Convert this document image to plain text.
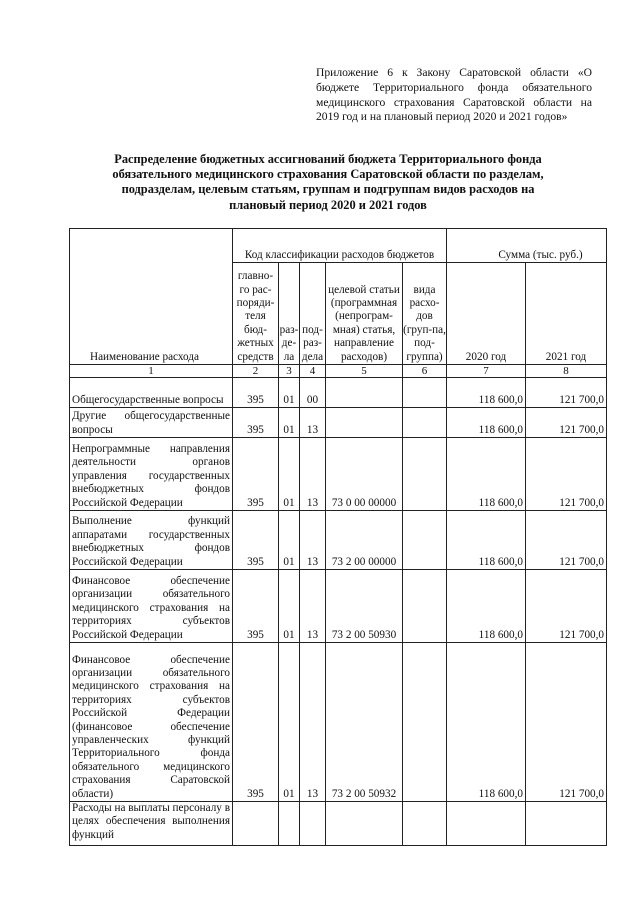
Приложение 6 к Закону Саратовской области «О бюджете Территориального фонда обязательного медицинского страхования Саратовской области на 2019 год и на плановый период 2020 и 2021 годов»
Распределение бюджетных ассигнований бюджета Территориального фонда обязательного медицинского страхования Саратовской области по разделам, подразделам, целевым статьям, группам и подгруппам видов расходов на плановый период 2020 и 2021 годов
Наименование расхода	Код классификации расходов бюджетов					Сумма (тыс. руб.)	
	главно-го рас-поряди-теля бюд-жетных средств	раз-де-ла	под-раз-дела	целевой статьи (программная (непрограм-мная) статья, направление расходов)	вида расхо-дов (груп-па, под-группа)	2020 год	2021 год
1	2	3	4	5	6	7	8
Общегосударственные вопросы	395	01	00			118 600,0	121 700,0
Другие общегосударственные вопросы	395	01	13			118 600,0	121 700,0
Непрограммные направления деятельности органов управления государственных внебюджетных фондов Российской Федерации	395	01	13	73 0 00 00000		118 600,0	121 700,0
Выполнение функций аппаратами государственных внебюджетных фондов Российской Федерации	395	01	13	73 2 00 00000		118 600,0	121 700,0
Финансовое обеспечение организации обязательного медицинского страхования на территориях субъектов Российской Федерации	395	01	13	73 2 00 50930		118 600,0	121 700,0
Финансовое обеспечение организации обязательного медицинского страхования на территориях субъектов Российской Федерации (финансовое обеспечение управленческих функций Территориального фонда обязательного медицинского страхования Саратовской области)	395	01	13	73 2 00 50932		118 600,0	121 700,0
Расходы на выплаты персоналу в целях обеспечения выполнения функций							
